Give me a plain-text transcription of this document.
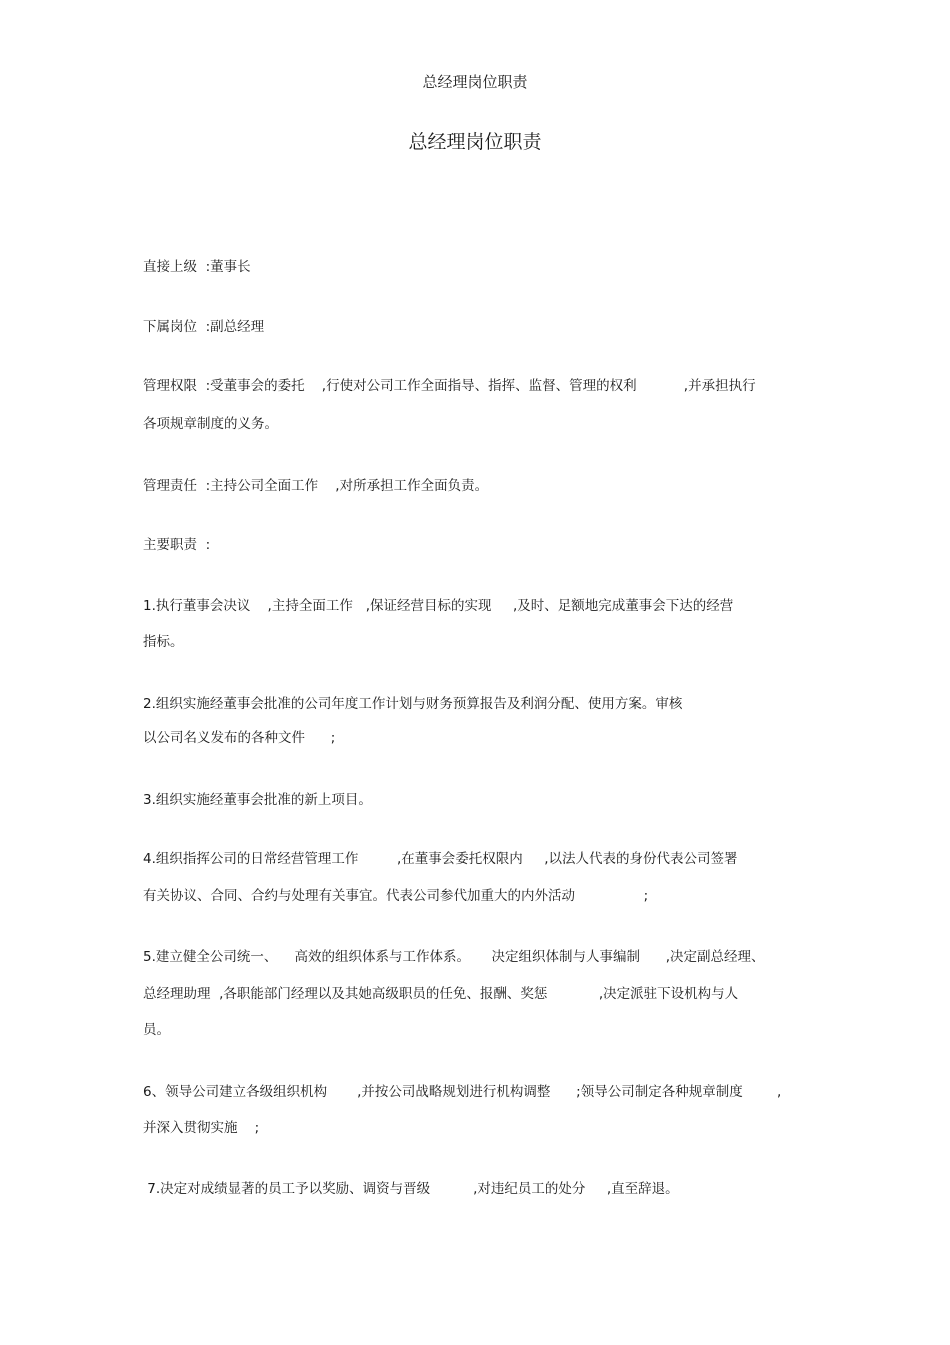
总经理岗位职责
总经理岗位职责
直接上级  :董事长
下属岗位  :副总经理
管理权限  :受董事会的委托    ,行使对公司工作全面指导、指挥、监督、管理的权利           ,并承担执行
各项规章制度的义务。
管理责任  :主持公司全面工作    ,对所承担工作全面负责。
主要职责  :
1.执行董事会决议    ,主持全面工作   ,保证经营目标的实现     ,及时、足额地完成董事会下达的经营
指标。
2.组织实施经董事会批准的公司年度工作计划与财务预算报告及利润分配、使用方案。审核
以公司名义发布的各种文件      ;
3.组织实施经董事会批准的新上项目。
4.组织指挥公司的日常经营管理工作         ,在董事会委托权限内     ,以法人代表的身份代表公司签署
有关协议、合同、合约与处理有关事宜。代表公司参代加重大的内外活动                ;
5.建立健全公司统一、    高效的组织体系与工作体系。     决定组织体制与人事编制      ,决定副总经理、
总经理助理  ,各职能部门经理以及其她高级职员的任免、报酬、奖惩            ,决定派驻下设机构与人
员。
6、领导公司建立各级组织机构       ,并按公司战略规划进行机构调整      ;领导公司制定各种规章制度        ,
并深入贯彻实施    ;
7.决定对成绩显著的员工予以奖励、调资与晋级          ,对违纪员工的处分     ,直至辞退。
